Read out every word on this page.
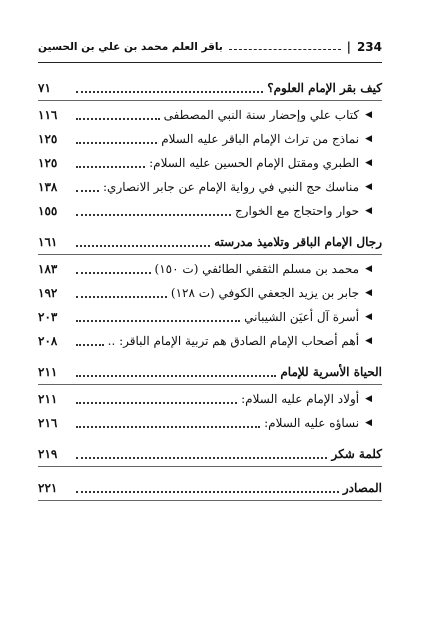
234
|
باقر العلم محمد بن علي بن الحسين
كيف بقر الإمام العلوم؟
٧١
◀
كتاب علي وإحضار سنة النبي المصطفى
١١٦
◀
نماذج من تراث الإمام الباقر عليه السلام
١٢٥
◀
الطبري ومقتل الإمام الحسين عليه السلام:
١٢٥
◀
مناسك حج النبي في رواية الإمام عن جابر الانصاري:
١٣٨
◀
حوار واحتجاج مع الخوارج
١٥٥
رجال الإمام الباقر وتلاميذ مدرسته
١٦١
◀
محمد بن مسلم الثقفي الطائفي (ت ١٥٠)
١٨٣
◀
جابر بن يزيد الجعفي الكوفي (ت ١٢٨)
١٩٢
◀
أسرة آل أعيَن الشيباني
٢٠٣
◀
أهم أصحاب الإمام الصادق هم تربية الإمام الباقر: ..
٢٠٨
الحياة الأسرية للإمام
٢١١
◀
أولاد الإمام عليه السلام:
٢١١
◀
نساؤه عليه السلام:
٢١٦
كلمة شكر
٢١٩
المصادر
٢٢١
